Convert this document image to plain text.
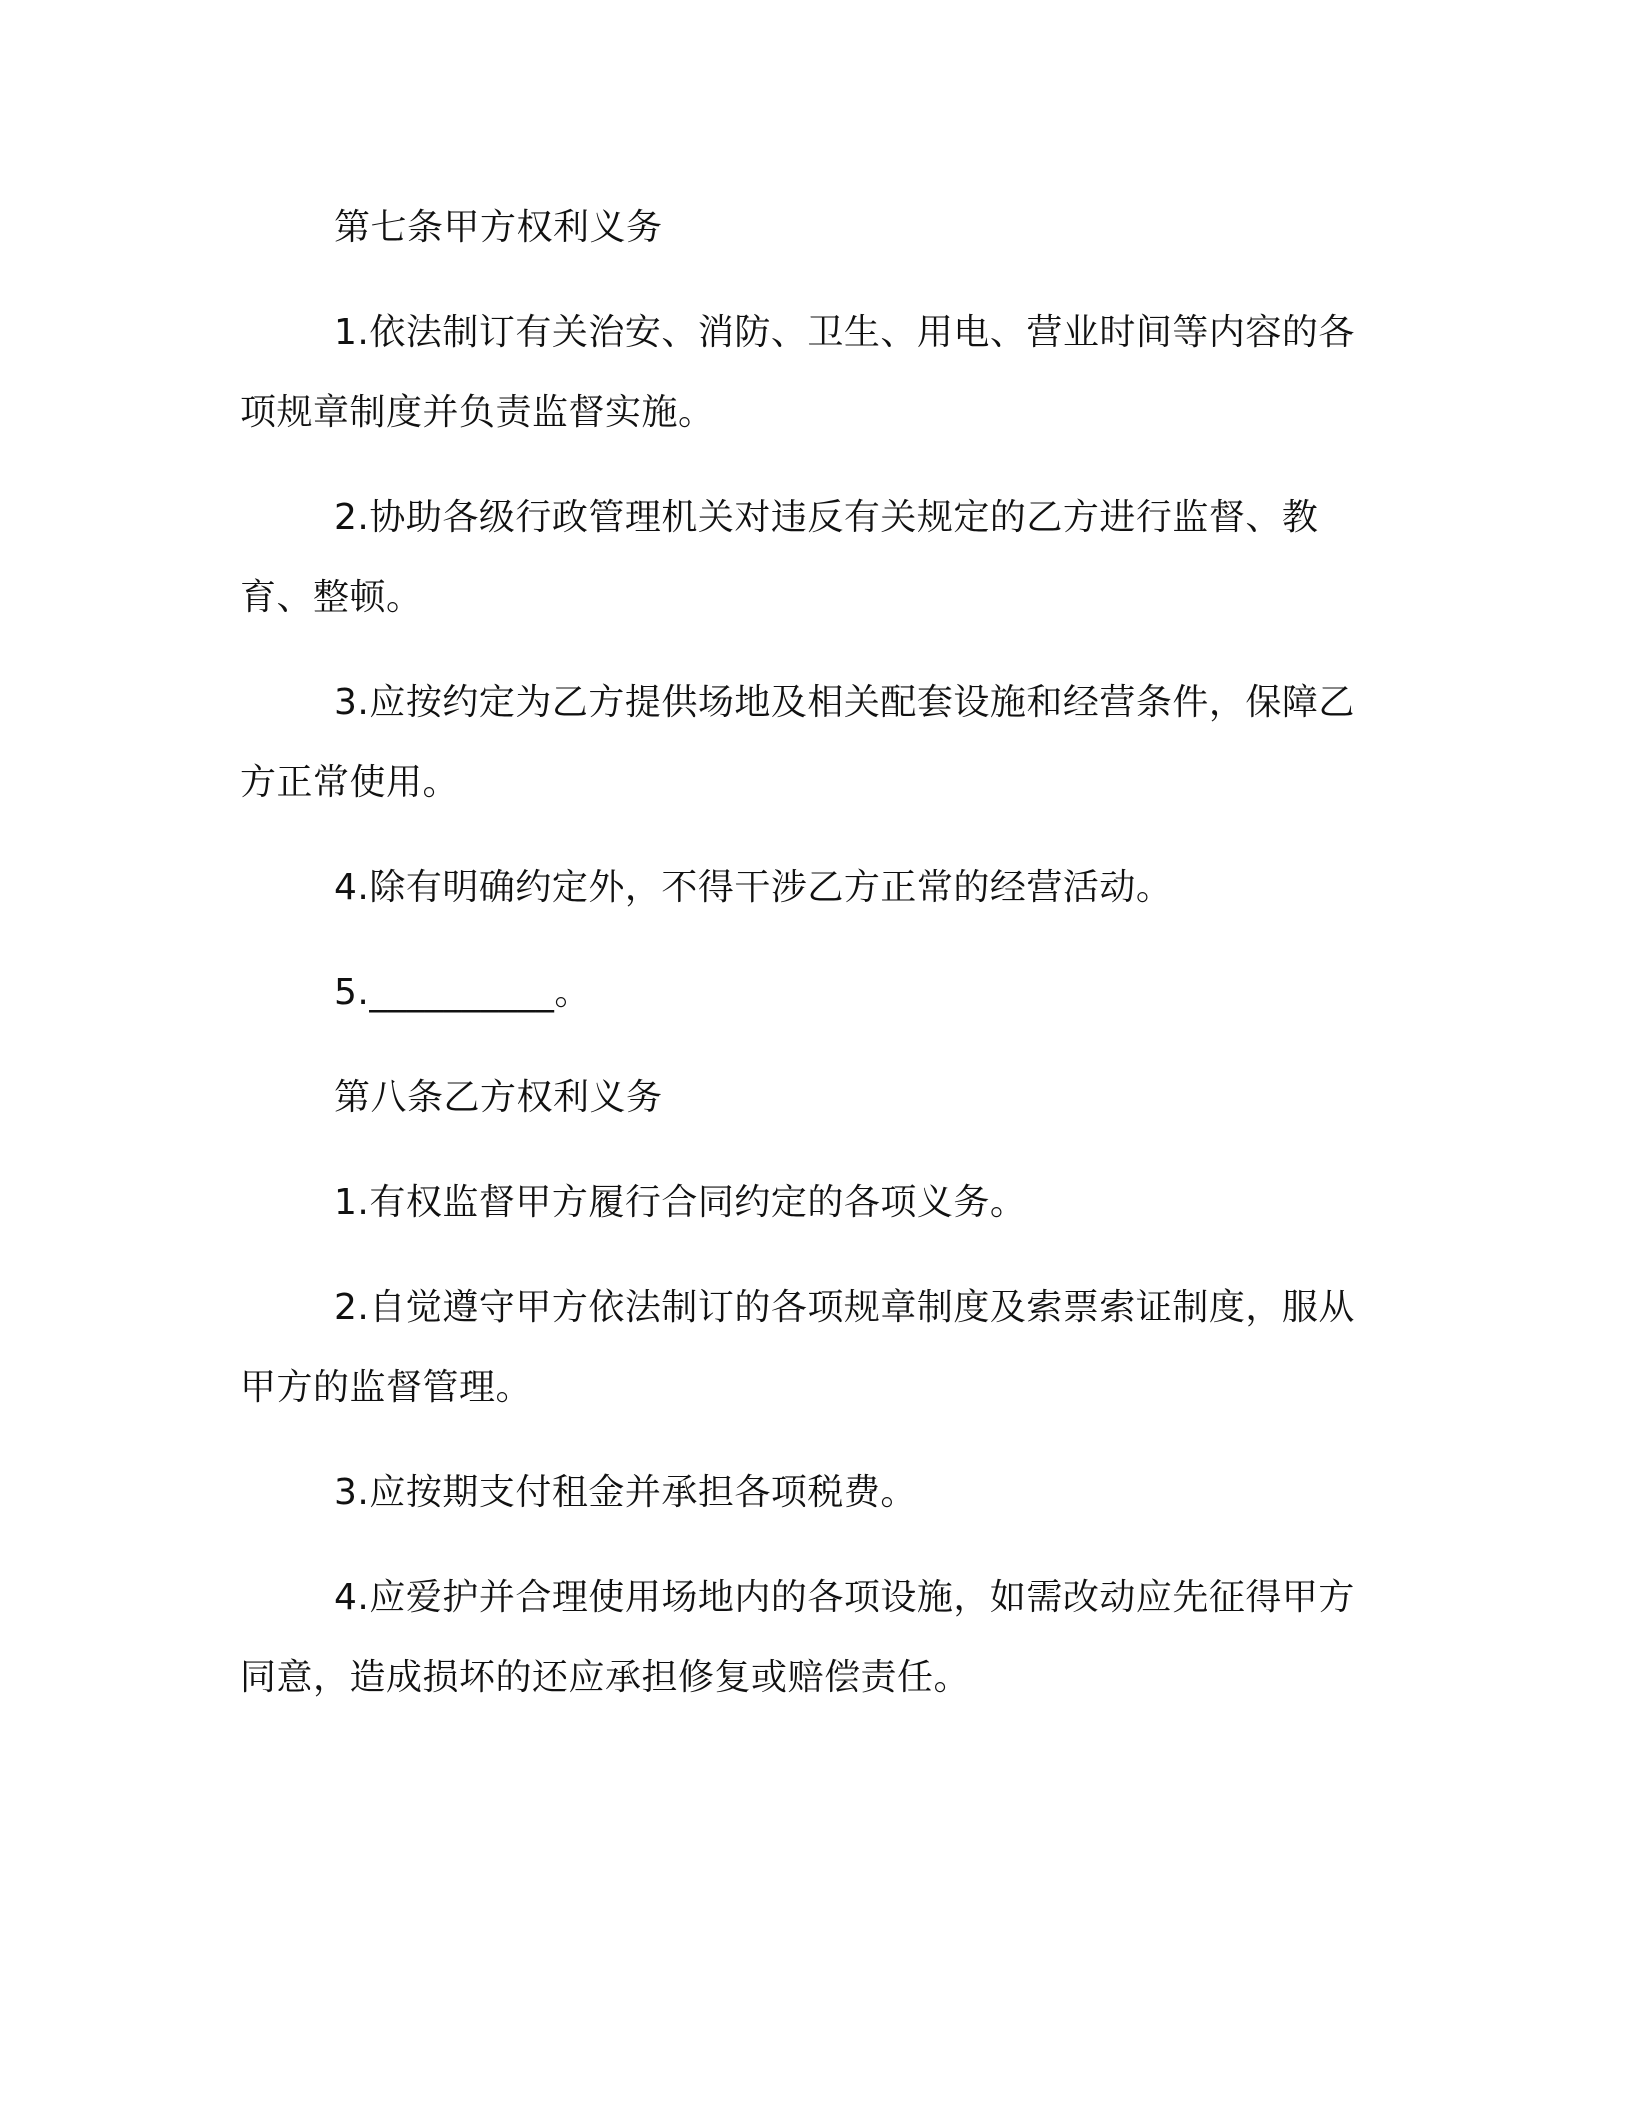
第七条甲方权利义务

1.依法制订有关治安、消防、卫生、用电、营业时间等内容的各项规章制度并负责监督实施。

2.协助各级行政管理机关对违反有关规定的乙方进行监督、教育、整顿。

3.应按约定为乙方提供场地及相关配套设施和经营条件，保障乙方正常使用。

4.除有明确约定外，不得干涉乙方正常的经营活动。

5.__________。

第八条乙方权利义务

1.有权监督甲方履行合同约定的各项义务。

2.自觉遵守甲方依法制订的各项规章制度及索票索证制度，服从甲方的监督管理。

3.应按期支付租金并承担各项税费。

4.应爱护并合理使用场地内的各项设施，如需改动应先征得甲方同意，造成损坏的还应承担修复或赔偿责任。
